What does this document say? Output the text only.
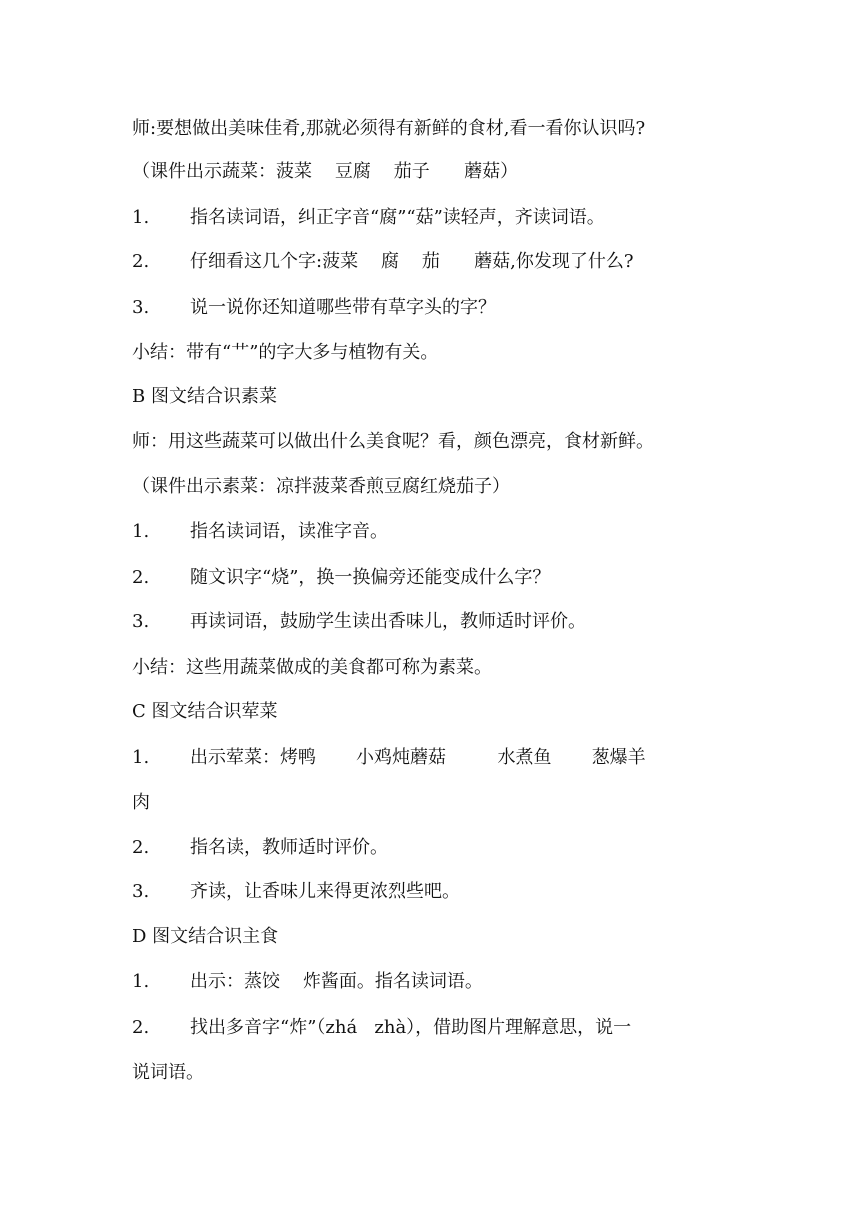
师:要想做出美味佳肴,那就必须得有新鲜的食材,看一看你认识吗?
（课件出示蔬菜：菠菜    豆腐    茄子      蘑菇）
1. 指名读词语，纠正字音“腐”“菇”读轻声，齐读词语。
2. 仔细看这几个字:菠菜    腐    茄      蘑菇,你发现了什么?
3. 说一说你还知道哪些带有草字头的字？
小结：带有“艹”的字大多与植物有关。
B 图文结合识素菜
师：用这些蔬菜可以做出什么美食呢？看，颜色漂亮，食材新鲜。
（课件出示素菜：凉拌菠菜香煎豆腐红烧茄子）
1. 指名读词语，读准字音。
2. 随文识字“烧”，换一换偏旁还能变成什么字？
3. 再读词语，鼓励学生读出香味儿，教师适时评价。
小结：这些用蔬菜做成的美食都可称为素菜。
C 图文结合识荤菜
1. 出示荤菜：烤鸭       小鸡炖蘑菇         水煮鱼       葱爆羊
肉
2. 指名读，教师适时评价。
3. 齐读，让香味儿来得更浓烈些吧。
D 图文结合识主食
1. 出示：蒸饺    炸酱面。指名读词语。
2. 找出多音字“炸”（zhá   zhà），借助图片理解意思，说一
说词语。
